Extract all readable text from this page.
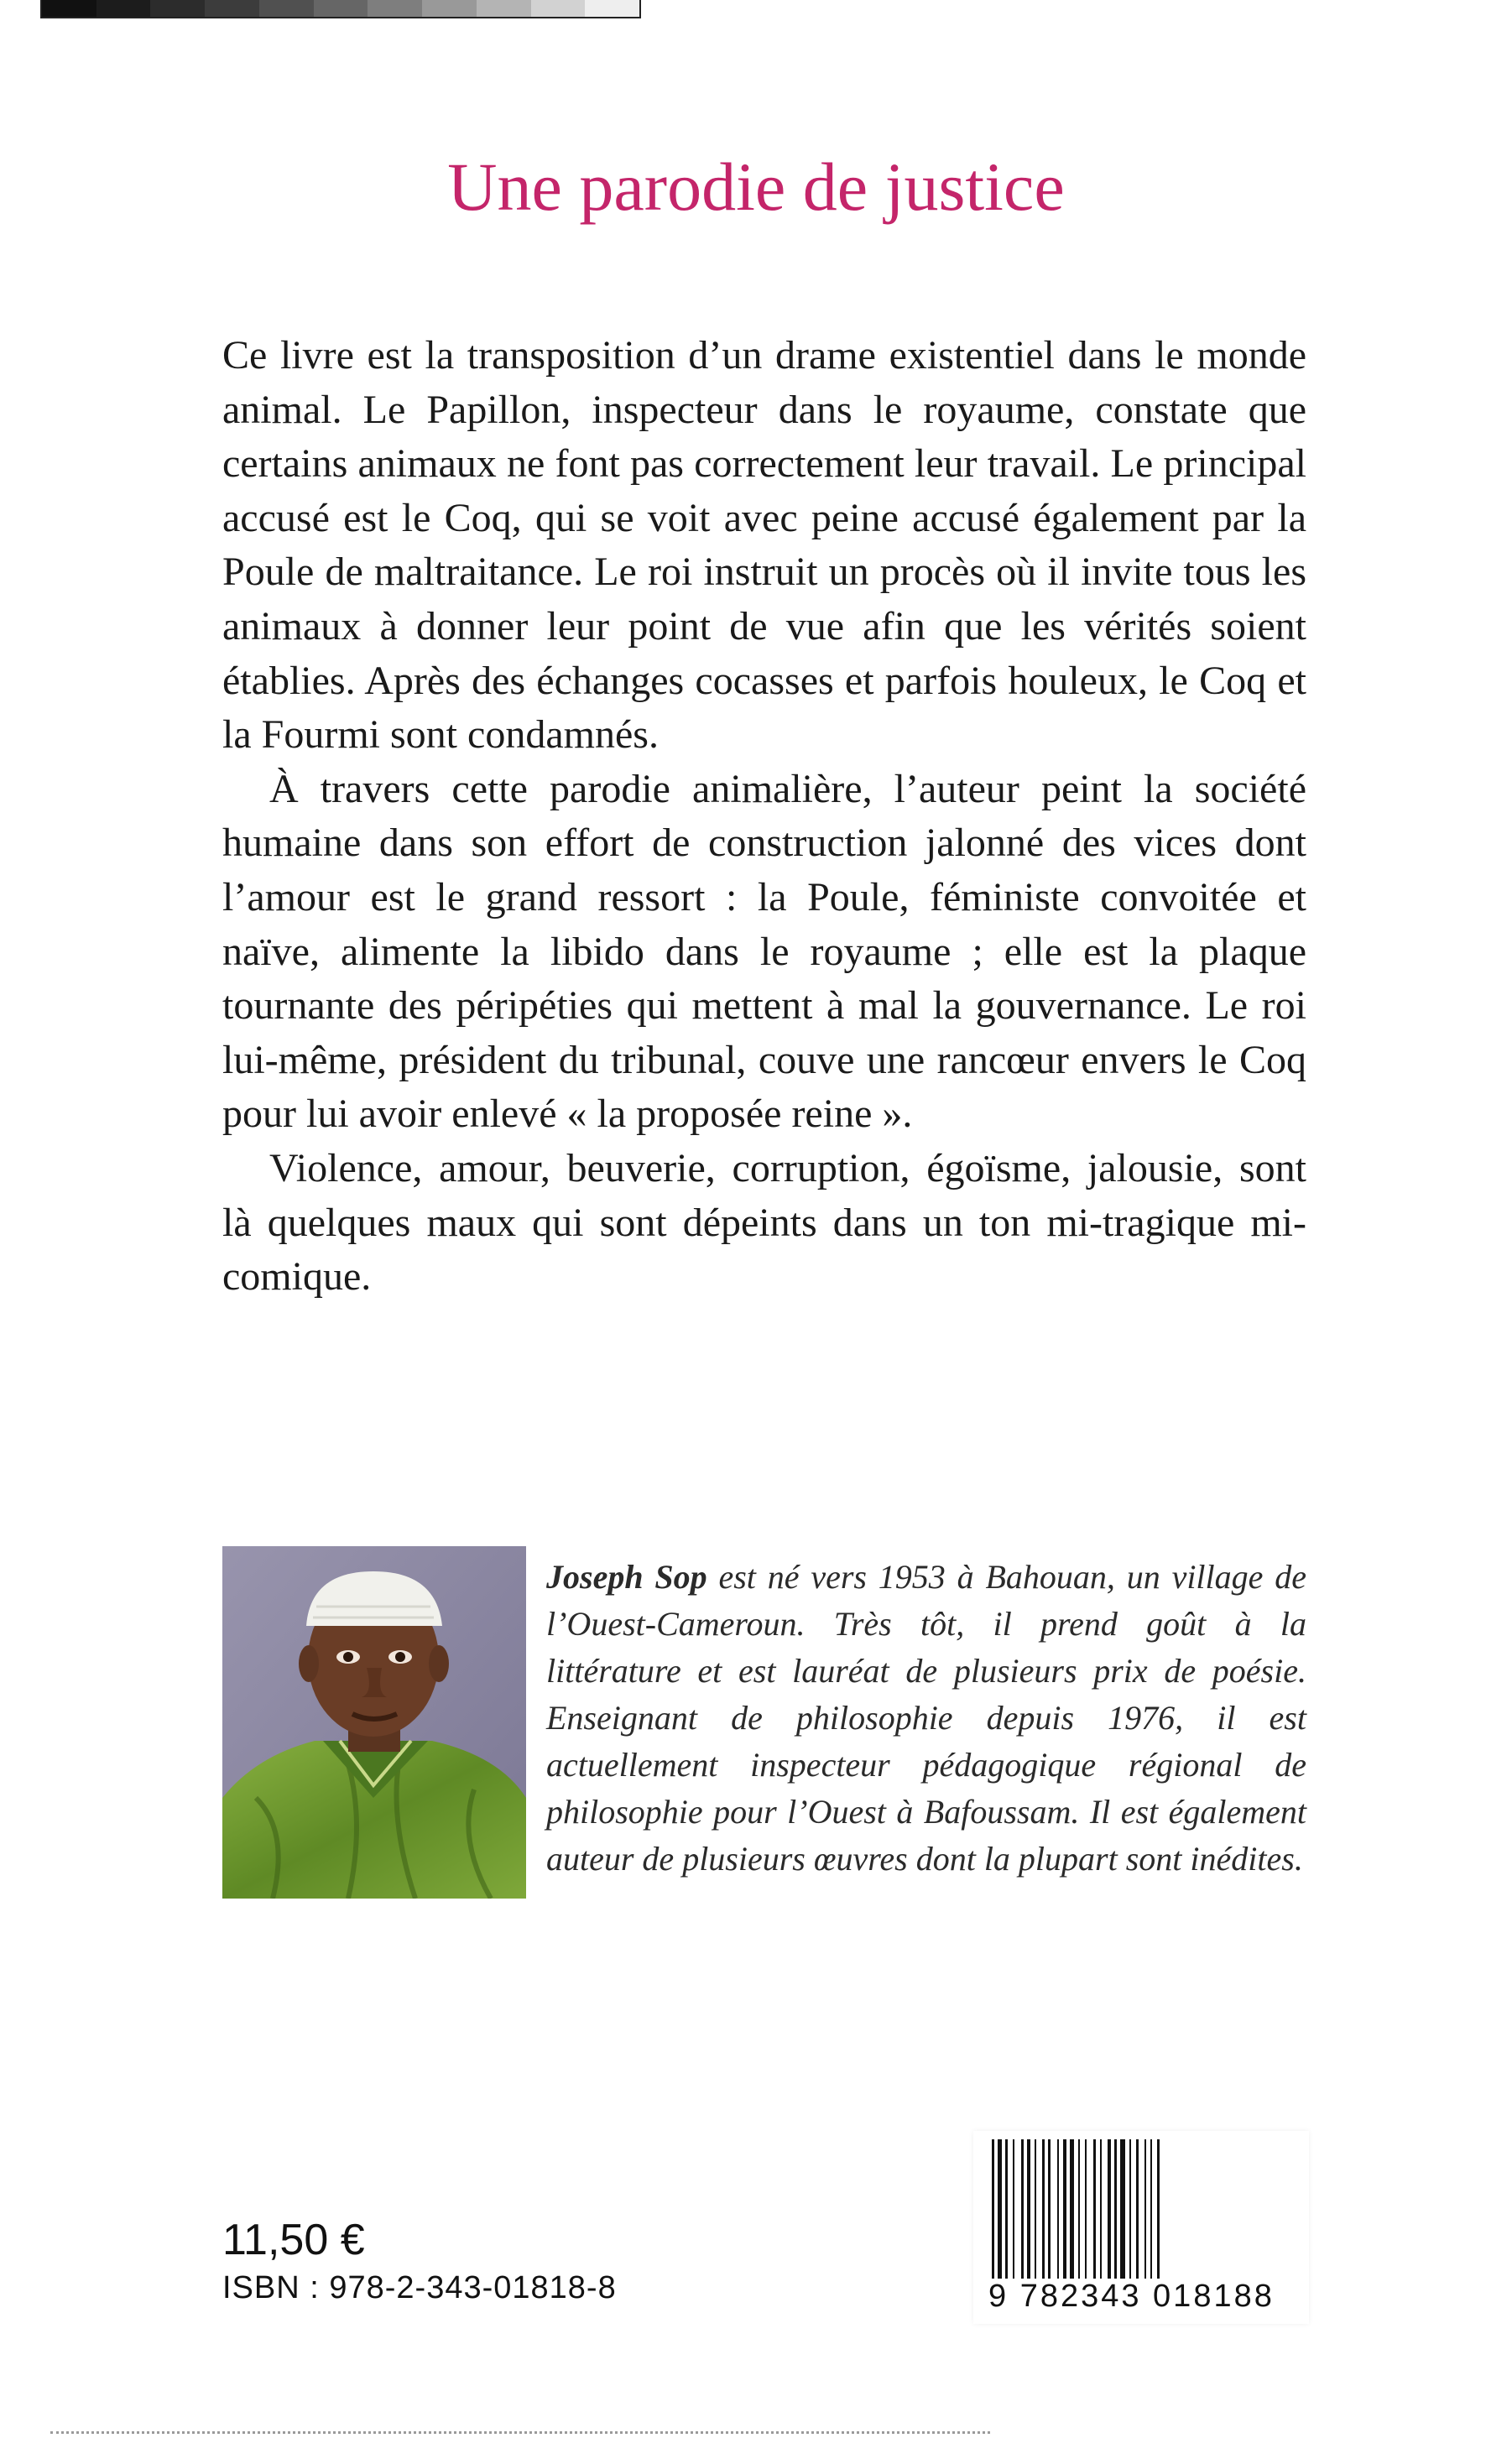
Une parodie de justice

Ce livre est la transposition d’un drame existentiel dans le monde animal. Le Papillon, inspecteur dans le royaume, constate que certains animaux ne font pas correctement leur travail. Le principal accusé est le Coq, qui se voit avec peine accusé également par la Poule de maltraitance. Le roi instruit un procès où il invite tous les animaux à donner leur point de vue afin que les vérités soient établies. Après des échanges cocasses et parfois houleux, le Coq et la Fourmi sont condamnés.

À travers cette parodie animalière, l’auteur peint la société humaine dans son effort de construction jalonné des vices dont l’amour est le grand ressort : la Poule, féministe convoitée et naïve, alimente la libido dans le royaume ; elle est la plaque tournante des péripéties qui mettent à mal la gouvernance. Le roi lui-même, président du tribunal, couve une rancœur envers le Coq pour lui avoir enlevé « la proposée reine ».

Violence, amour, beuverie, corruption, égoïsme, jalousie, sont là quelques maux qui sont dépeints dans un ton mi-tragique mi-comique.

Joseph Sop est né vers 1953 à Bahouan, un village de l’Ouest-Cameroun. Très tôt, il prend goût à la littérature et est lauréat de plusieurs prix de poésie. Enseignant de philosophie depuis 1976, il est actuellement inspecteur pédagogique régional de philosophie pour l’Ouest à Bafoussam. Il est également auteur de plusieurs œuvres dont la plupart sont inédites.
11,50 €
ISBN : 978-2-343-01818-8	9 782343 018188
